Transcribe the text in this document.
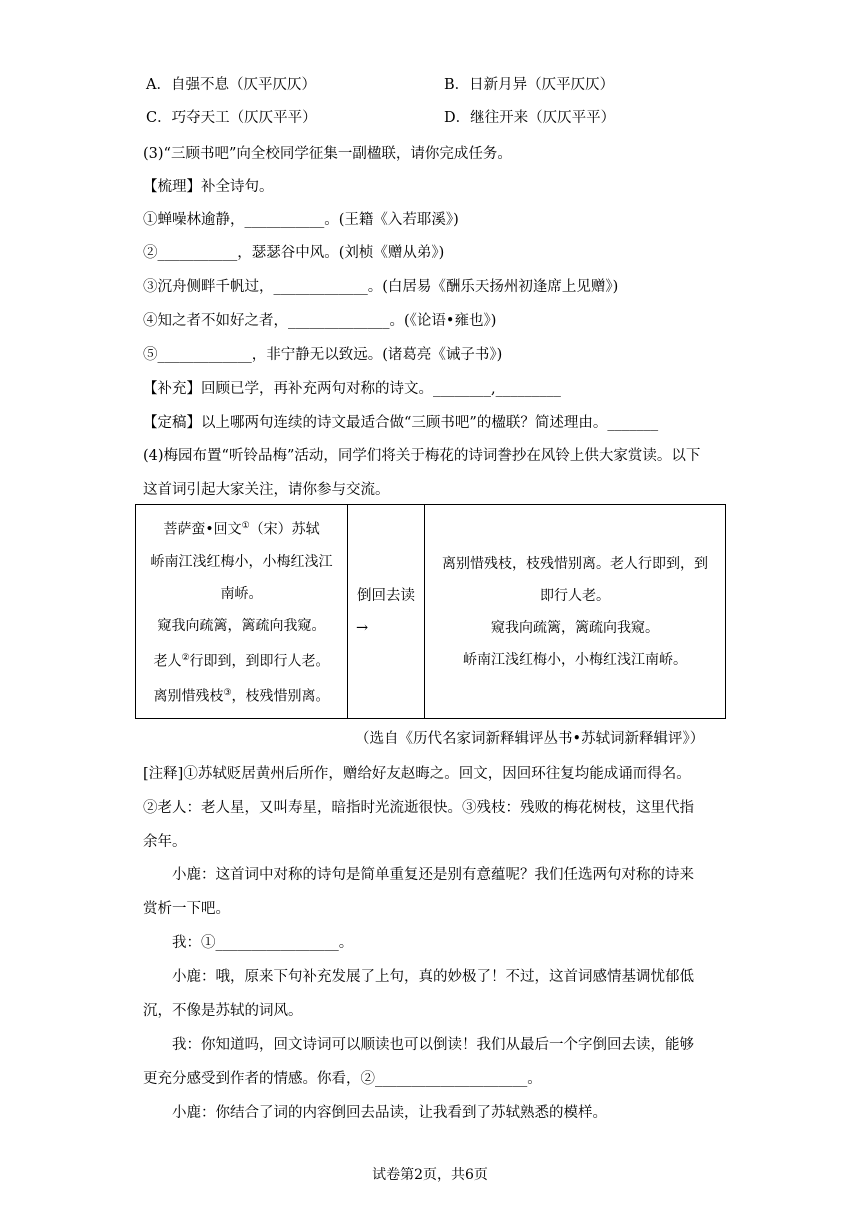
A．自强不息（仄平仄仄）	B．日新月异（仄平仄仄）
C．巧夺天工（仄仄平平）	D．继往开来（仄仄平平）
(3)“三顾书吧”向全校同学征集一副楹联，请你完成任务。
【梳理】补全诗句。
①蝉噪林逾静，___________。(王籍《入若耶溪》)
②___________，瑟瑟谷中风。(刘桢《赠从弟》)
③沉舟侧畔千帆过，_____________。(白居易《酬乐天扬州初逢席上见赠》)
④知之者不如好之者，______________。(《论语•雍也》)
⑤_____________，非宁静无以致远。(诸葛亮《诫子书》)
【补充】回顾已学，再补充两句对称的诗文。________,_________
【定稿】以上哪两句连续的诗文最适合做“三顾书吧”的楹联？简述理由。_______
(4)梅园布置“听铃品梅”活动，同学们将关于梅花的诗词誊抄在风铃上供大家赏读。以下
这首词引起大家关注，请你参与交流。
菩萨蛮•回文①（宋）苏轼
峤南江浅红梅小，小梅红浅江
南峤。
窥我向疏篱，篱疏向我窥。
老人②行即到，到即行人老。
离别惜残枝③，枝残惜别离。

倒回去读
→

离别惜残枝，枝残惜别离。老人行即到，到
即行人老。
窥我向疏篱，篱疏向我窥。
峤南江浅红梅小，小梅红浅江南峤。
（选自《历代名家词新释辑评丛书•苏轼词新释辑评》）
[注释]①苏轼贬居黄州后所作，赠给好友赵晦之。回文，因回环往复均能成诵而得名。
②老人：老人星，又叫寿星，暗指时光流逝很快。③残枝：残败的梅花树枝，这里代指
余年。
小鹿：这首词中对称的诗句是简单重复还是别有意蕴呢？我们任选两句对称的诗来
赏析一下吧。
我：①_________________。
小鹿：哦，原来下句补充发展了上句，真的妙极了！不过，这首词感情基调忧郁低
沉，不像是苏轼的词风。
我：你知道吗，回文诗词可以顺读也可以倒读！我们从最后一个字倒回去读，能够
更充分感受到作者的情感。你看，②_____________________。
小鹿：你结合了词的内容倒回去品读，让我看到了苏轼熟悉的模样。
试卷第2页，共6页
